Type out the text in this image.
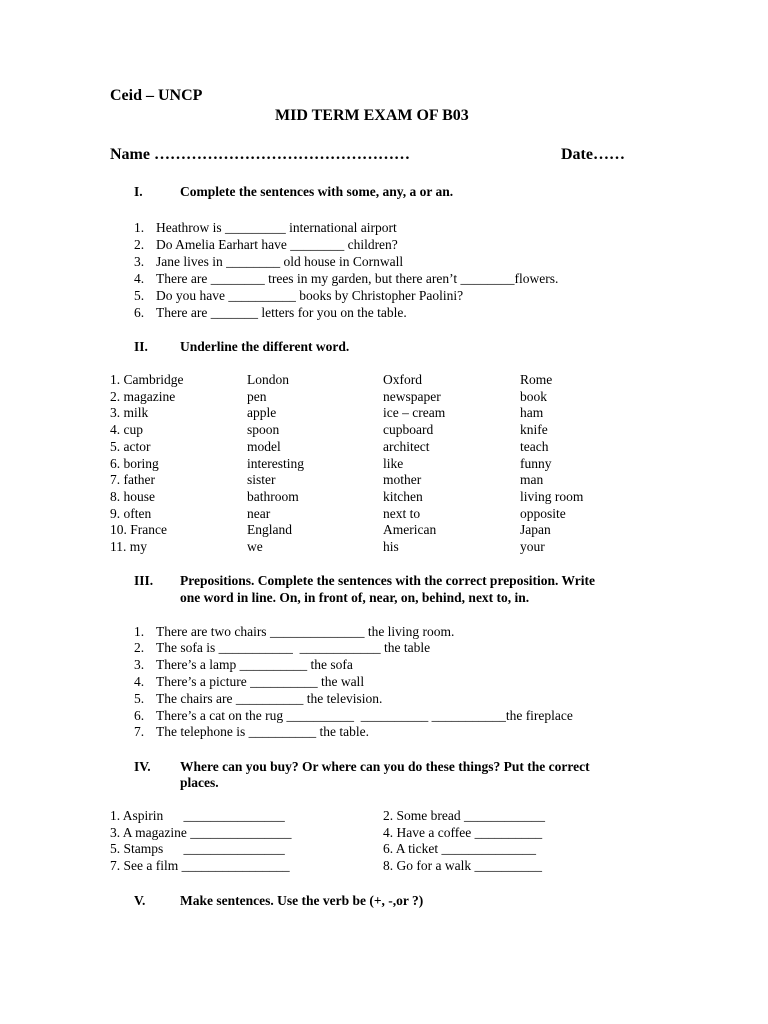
Ceid – UNCP
MID TERM EXAM OF B03
Name …………………………………………	Date……
I.	Complete the sentences with some, any, a or an.
1. Heathrow is _________ international airport
2. Do Amelia Earhart have ________ children?
3. Jane lives in ________ old house in Cornwall
4. There are ________ trees in my garden, but there aren’t ________flowers.
5. Do you have __________ books by Christopher Paolini?
6. There are _______ letters for you on the table.
II. Underline the different word.
1. Cambridge	London	Oxford	Rome
2. magazine	pen	newspaper	book
3. milk	apple	ice – cream	ham
4. cup	spoon	cupboard	knife
5. actor	model	architect	teach
6. boring	interesting	like	funny
7. father	sister	mother	man
8. house	bathroom	kitchen	living room
9. often	near	next to	opposite
10. France	England	American	Japan
11. my	we	his	your
III. Prepositions. Complete the sentences with the correct preposition. Write
one word in line. On, in front of, near, on, behind, next to, in.
1. There are two chairs ______________ the living room.
2. The sofa is ___________  ____________ the table
3. There’s a lamp __________ the sofa
4. There’s a picture __________ the wall
5. The chairs are __________ the television.
6. There’s a cat on the rug __________  __________ ___________the fireplace
7. The telephone is __________ the table.
IV. Where can you buy? Or where can you do these things? Put the correct
places.
1. Aspirin      _______________	2. Some bread ____________
3. A magazine _______________	4. Have a coffee __________
5. Stamps      _______________	6. A ticket ______________
7. See a film ________________	8. Go for a walk __________
V.	Make sentences. Use the verb be (+, -,or ?)
